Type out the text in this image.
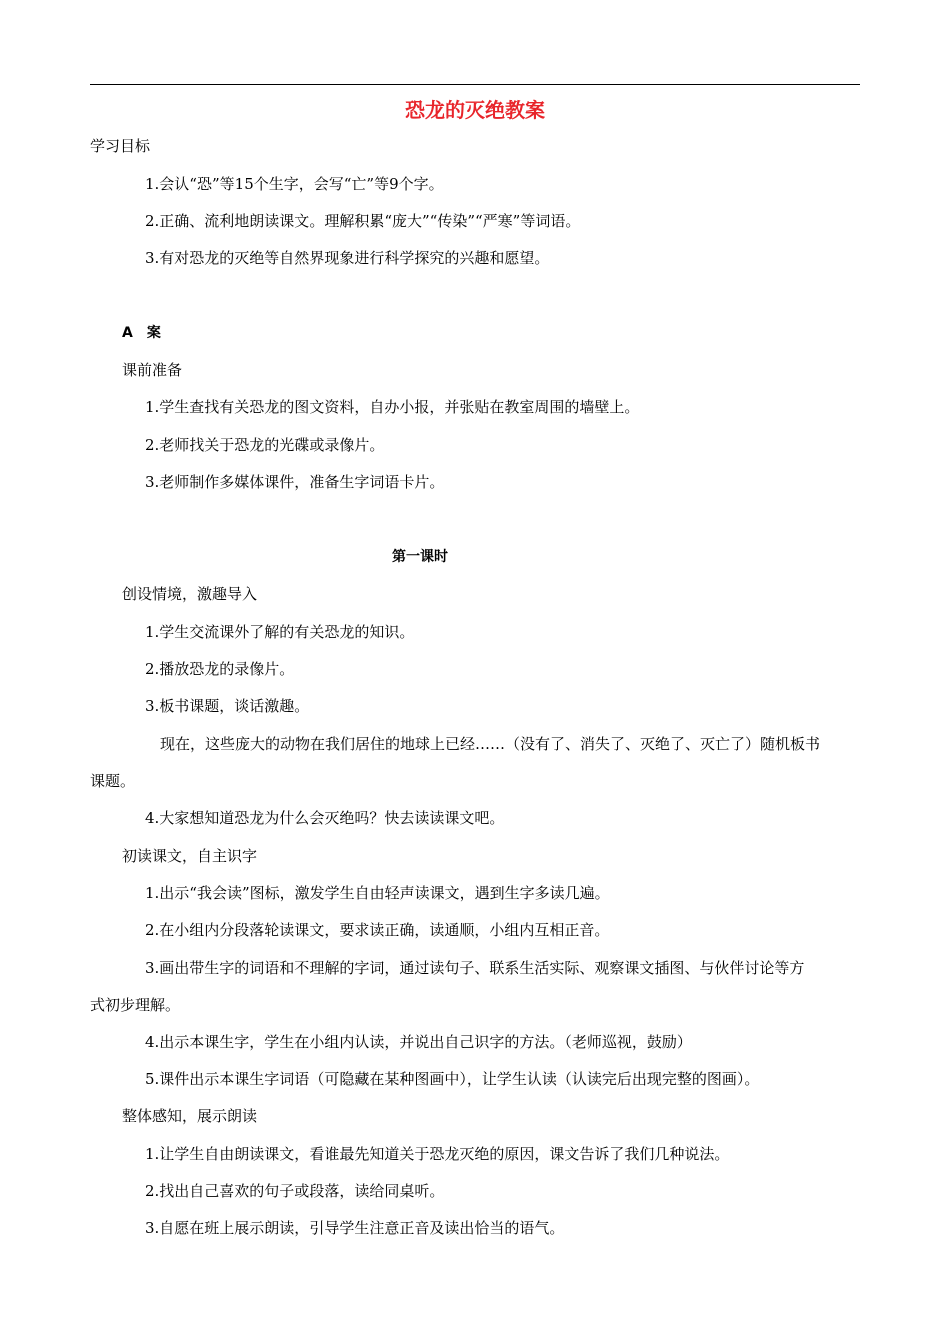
恐龙的灭绝教案
学习目标
1.会认“恐”等15个生字，会写“亡”等9个字。
2.正确、流利地朗读课文。理解积累“庞大”“传染”“严寒”等词语。
3.有对恐龙的灭绝等自然界现象进行科学探究的兴趣和愿望。
A　案
课前准备
1.学生查找有关恐龙的图文资料，自办小报，并张贴在教室周围的墙壁上。
2.老师找关于恐龙的光碟或录像片。
3.老师制作多媒体课件，准备生字词语卡片。
第一课时
创设情境，激趣导入
1.学生交流课外了解的有关恐龙的知识。
2.播放恐龙的录像片。
3.板书课题，谈话激趣。
现在，这些庞大的动物在我们居住的地球上已经……（没有了、消失了、灭绝了、灭亡了）随机板书
课题。
4.大家想知道恐龙为什么会灭绝吗？快去读读课文吧。
初读课文，自主识字
1.出示“我会读”图标，激发学生自由轻声读课文，遇到生字多读几遍。
2.在小组内分段落轮读课文，要求读正确，读通顺，小组内互相正音。
3.画出带生字的词语和不理解的字词，通过读句子、联系生活实际、观察课文插图、与伙伴讨论等方
式初步理解。
4.出示本课生字，学生在小组内认读，并说出自己识字的方法。（老师巡视，鼓励）
5.课件出示本课生字词语（可隐藏在某种图画中），让学生认读（认读完后出现完整的图画）。
整体感知，展示朗读
1.让学生自由朗读课文，看谁最先知道关于恐龙灭绝的原因，课文告诉了我们几种说法。
2.找出自己喜欢的句子或段落，读给同桌听。
3.自愿在班上展示朗读，引导学生注意正音及读出恰当的语气。
